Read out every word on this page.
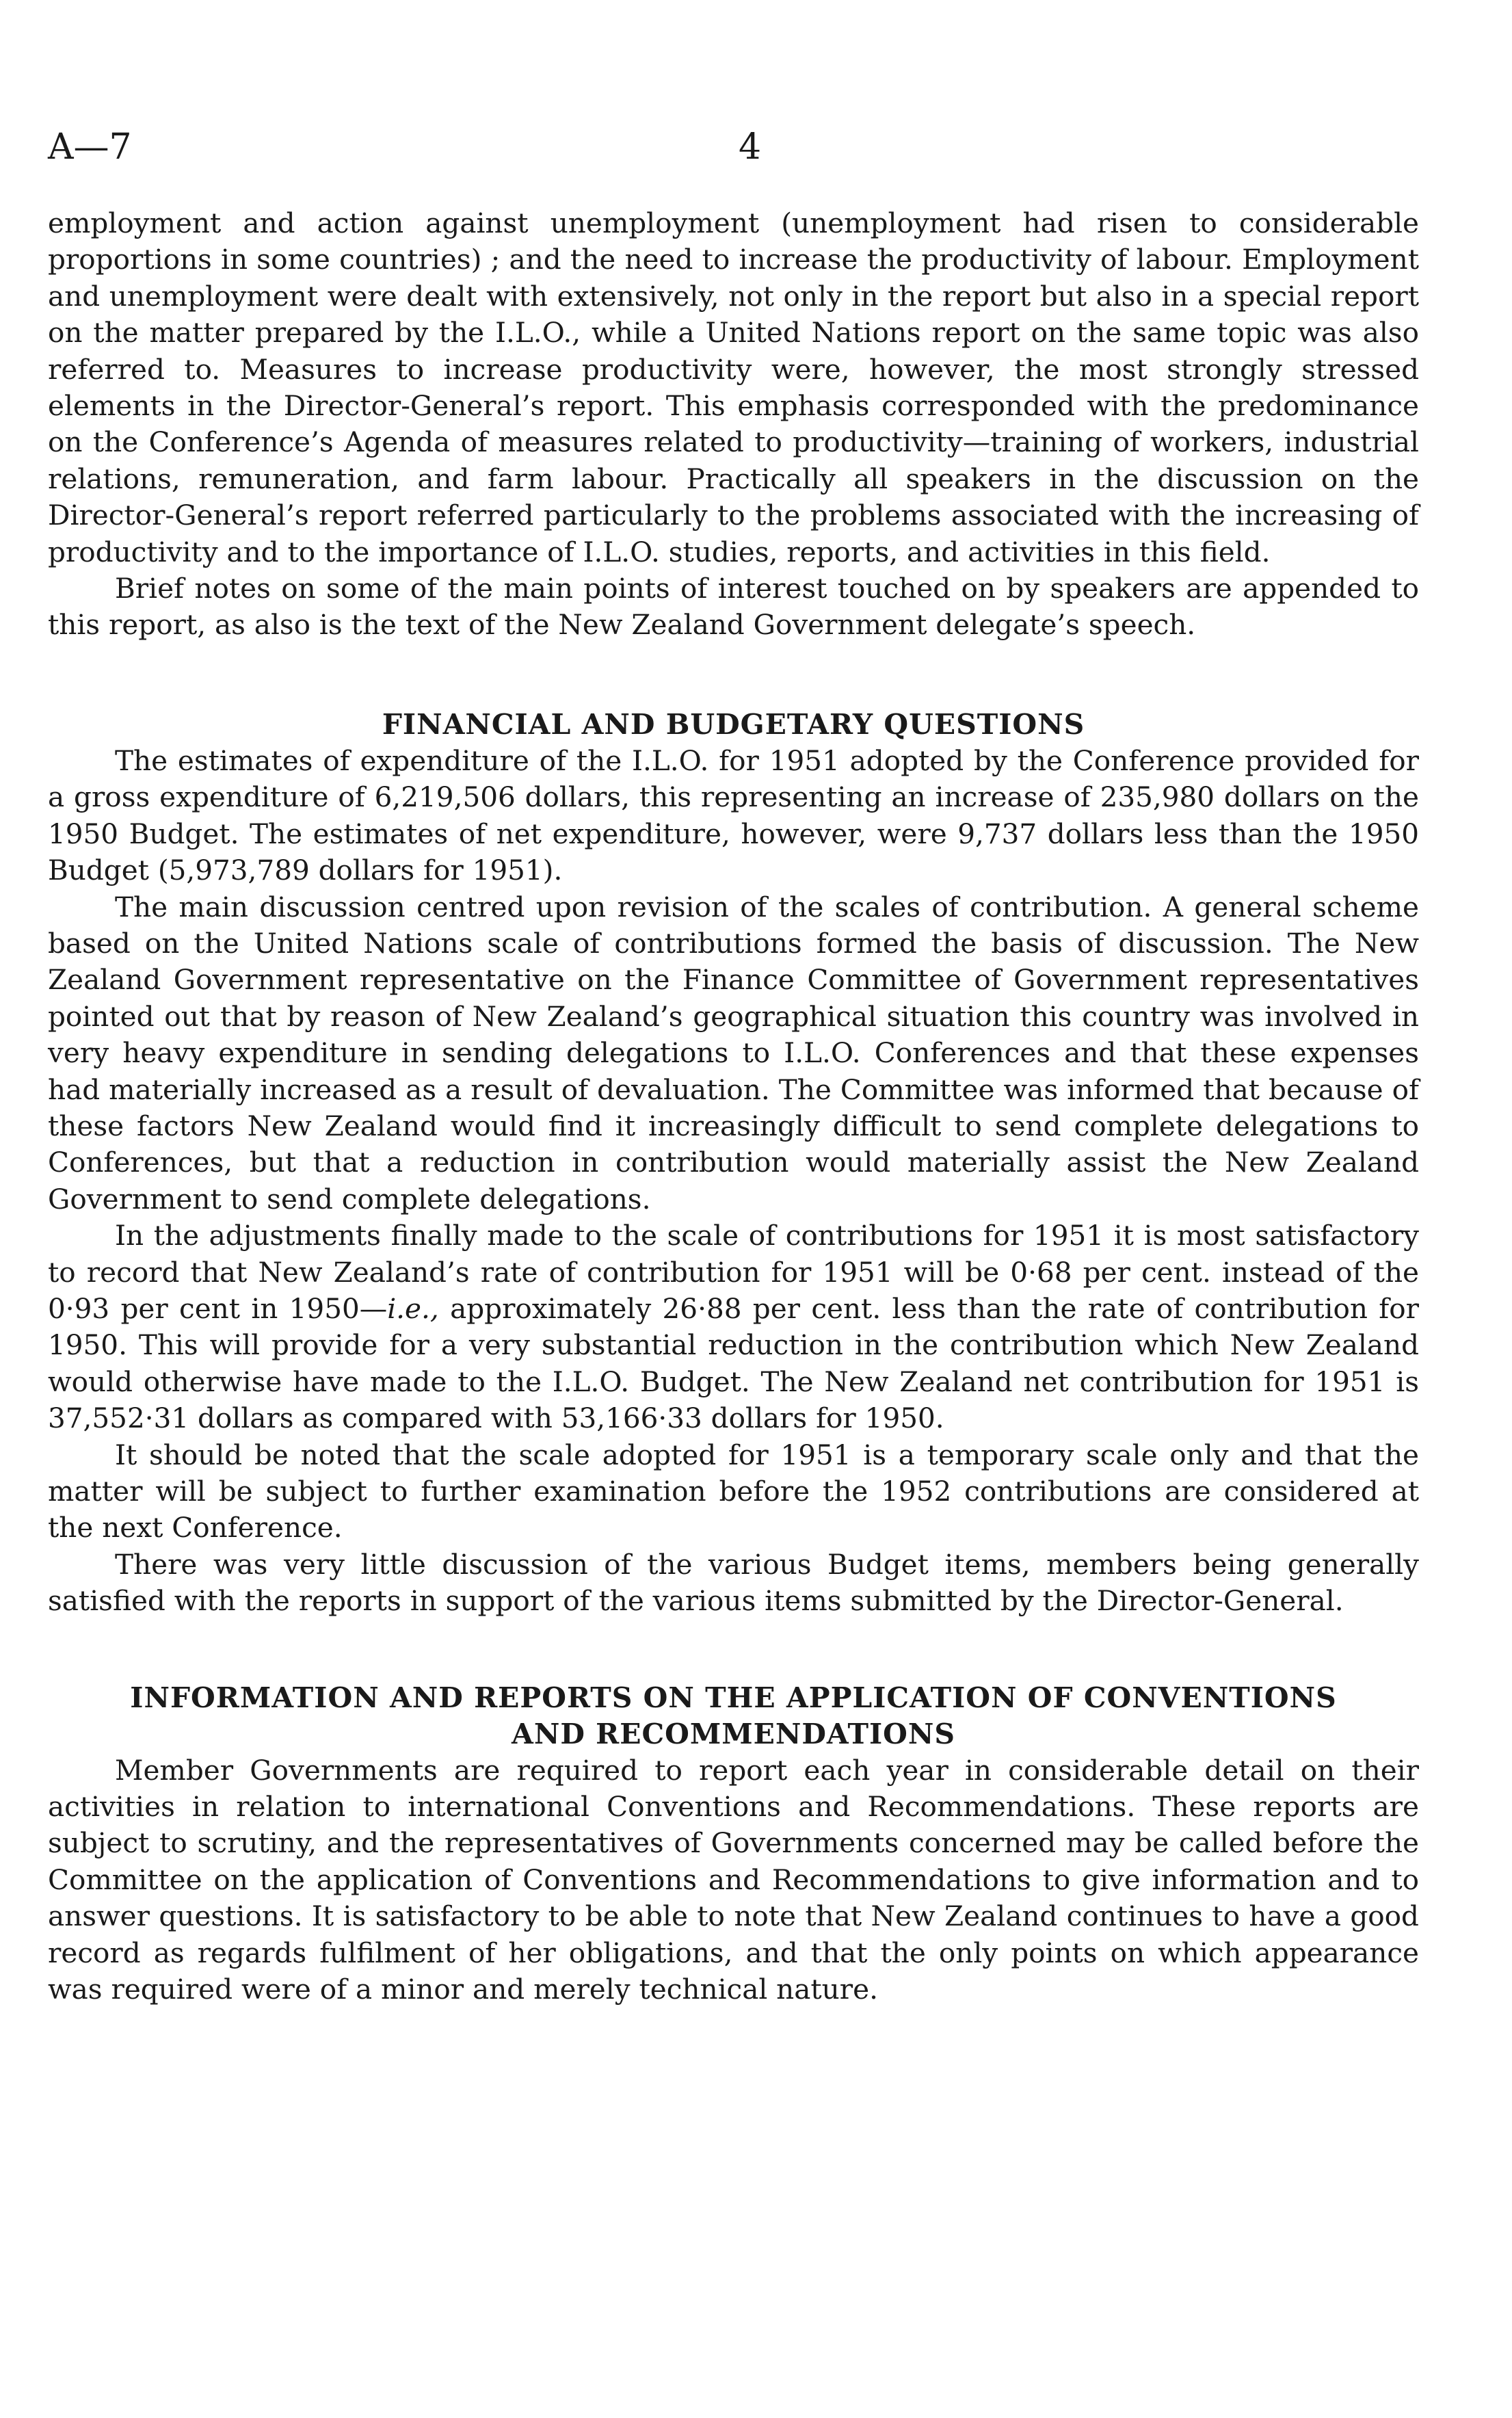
A—7	4

employment and action against unemployment (unemployment had risen to considerable proportions in some countries) ; and the need to increase the productivity of labour. Employment and unemployment were dealt with extensively, not only in the report but also in a special report on the matter prepared by the I.L.O., while a United Nations report on the same topic was also referred to. Measures to increase productivity were, however, the most strongly stressed elements in the Director-General’s report. This emphasis corresponded with the predominance on the Conference’s Agenda of measures related to productivity—training of workers, industrial relations, remuneration, and farm labour. Practically all speakers in the discussion on the Director-General’s report referred particularly to the problems associated with the increasing of productivity and to the importance of I.L.O. studies, reports, and activities in this field.

Brief notes on some of the main points of interest touched on by speakers are appended to this report, as also is the text of the New Zealand Government delegate’s speech.

FINANCIAL AND BUDGETARY QUESTIONS

The estimates of expenditure of the I.L.O. for 1951 adopted by the Conference provided for a gross expenditure of 6,219,506 dollars, this representing an increase of 235,980 dollars on the 1950 Budget. The estimates of net expenditure, however, were 9,737 dollars less than the 1950 Budget (5,973,789 dollars for 1951).

The main discussion centred upon revision of the scales of contribution. A general scheme based on the United Nations scale of contributions formed the basis of discussion. The New Zealand Government representative on the Finance Committee of Government representatives pointed out that by reason of New Zealand’s geographical situation this country was involved in very heavy expenditure in sending delegations to I.L.O. Conferences and that these expenses had materially increased as a result of devaluation. The Committee was informed that because of these factors New Zealand would find it increasingly difficult to send complete delegations to Conferences, but that a reduction in contribution would materially assist the New Zealand Government to send complete delegations.

In the adjustments finally made to the scale of contributions for 1951 it is most satisfactory to record that New Zealand’s rate of contribution for 1951 will be 0·68 per cent. instead of the 0·93 per cent in 1950—i.e., approximately 26·88 per cent. less than the rate of contribution for 1950. This will provide for a very substantial reduction in the contribution which New Zealand would otherwise have made to the I.L.O. Budget. The New Zealand net contribution for 1951 is 37,552·31 dollars as compared with 53,166·33 dollars for 1950.

It should be noted that the scale adopted for 1951 is a temporary scale only and that the matter will be subject to further examination before the 1952 contributions are considered at the next Conference.

There was very little discussion of the various Budget items, members being generally satisfied with the reports in support of the various items submitted by the Director-General.

INFORMATION AND REPORTS ON THE APPLICATION OF CONVENTIONS
AND RECOMMENDATIONS

Member Governments are required to report each year in considerable detail on their activities in relation to international Conventions and Recommendations. These reports are subject to scrutiny, and the representatives of Governments concerned may be called before the Committee on the application of Conventions and Recommendations to give information and to answer questions. It is satisfactory to be able to note that New Zealand continues to have a good record as regards fulfilment of her obligations, and that the only points on which appearance was required were of a minor and merely technical nature.
